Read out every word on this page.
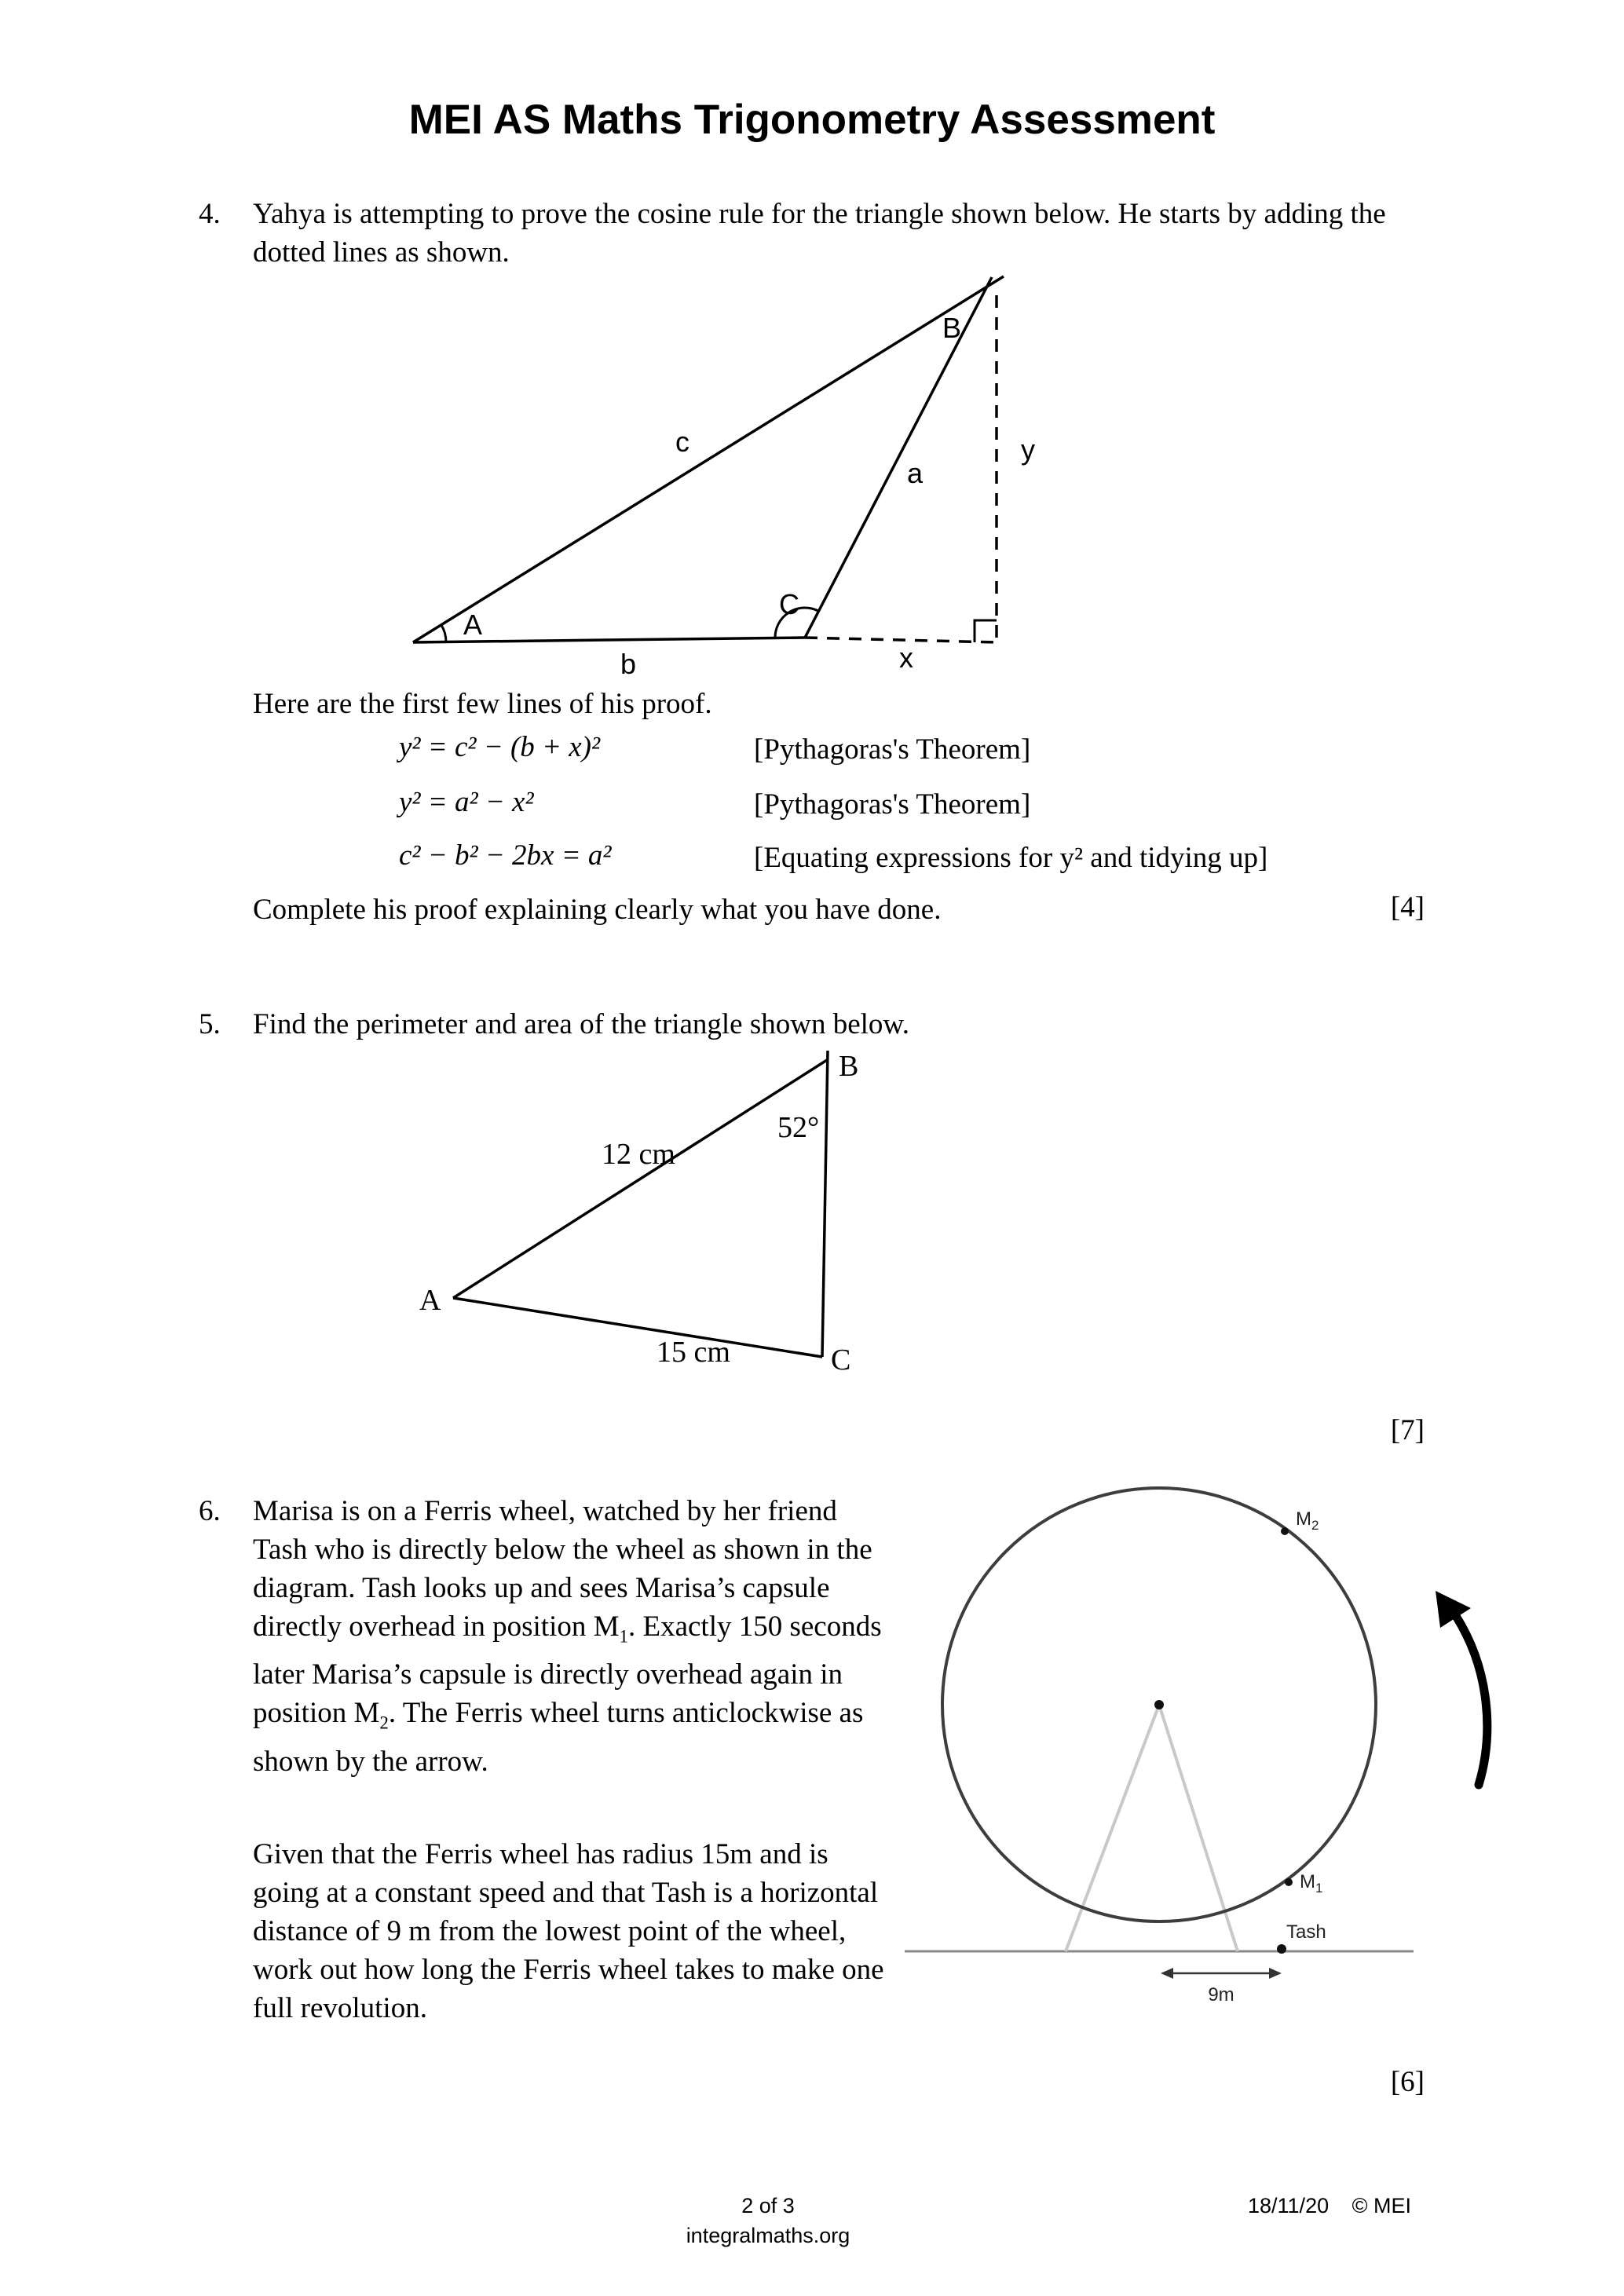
MEI AS Maths Trigonometry Assessment
4. Yahya is attempting to prove the cosine rule for the triangle shown below. He starts by adding the dotted lines as shown.
A
B
C
c
a
y
b	x
Here are the first few lines of his proof.
y² = c² − (b + x)²	[Pythagoras's Theorem]
y² = a² − x²	[Pythagoras's Theorem]
c² − b² − 2bx = a²	[Equating expressions for y² and tidying up]
Complete his proof explaining clearly what you have done.	[4]
5. Find the perimeter and area of the triangle shown below.
B
52°
12 cm
A
15 cm	C
[7]
6. Marisa is on a Ferris wheel, watched by her friend Tash who is directly below the wheel as shown in the diagram. Tash looks up and sees Marisa’s capsule directly overhead in position $M_1$. Exactly 150 seconds later Marisa’s capsule is directly overhead again in position $M_2$. The Ferris wheel turns anticlockwise as shown by the arrow.
Given that the Ferris wheel has radius 15m and is going at a constant speed and that Tash is a horizontal distance of 9 m from the lowest point of the wheel, work out how long the Ferris wheel takes to make one full revolution.
$M_2$
$M_1$
Tash
9m
[6]
2 of 3
integralmaths.org
18/11/20 © MEI
